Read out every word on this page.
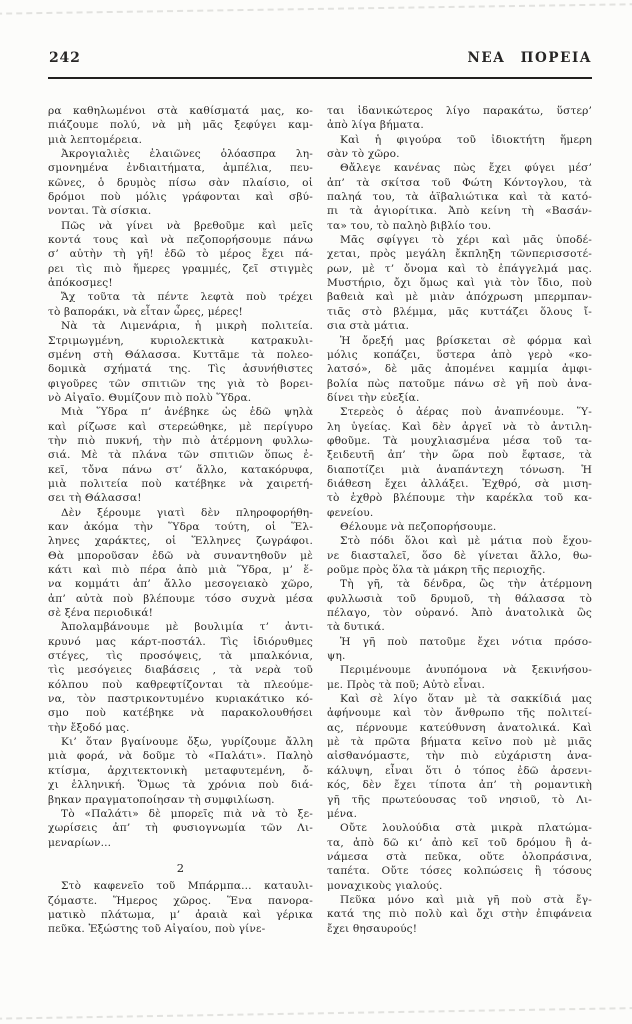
242	ΝΕΑ ΠΟΡΕΙΑ
ρα καθηλωμένοι στὰ καθίσματά μας, κο-
πιάζουμε πολύ, νὰ μὴ μᾶς ξεφύγει καμ-
μιὰ λεπτομέρεια.
Ἀκρογιαλιὲς ἐλαιῶνες ὁλόασπρα λη-
σμονημένα ἐνδιαιτήματα, ἀμπέλια, πευ-
κῶνες, ὁ δρυμὸς πίσω σὰν πλαίσιο, οἱ
δρόμοι ποὺ μόλις γράφονται καὶ σβύ-
νονται. Τὰ σίσκια.
Πῶς νὰ γίνει νὰ βρεθοῦμε καὶ μεῖς
κοντά τους καὶ νὰ πεζοπορήσουμε πάνω
σ’ αὐτὴν τὴ γῆ! ἐδῶ τὸ μέρος ἔχει πά-
ρει τὶς πιὸ ἥμερες γραμμές, ζεῖ στιγμὲς
ἀπόκοσμες!
Ἄχ τοῦτα τὰ πέντε λεφτὰ ποὺ τρέχει
τὸ βαποράκι, νὰ εἶταν ὧρες, μέρες!
Νὰ τὰ Λιμενάρια, ἡ μικρὴ πολιτεία.
Στριμωγμένη, κυριολεκτικὰ κατρακυλι-
σμένη στὴ Θάλασσα. Κυττᾶμε τὰ πολεο-
δομικὰ σχήματά της. Τὶς ἀσυνήθιστες
φιγοῦρες τῶν σπιτιῶν της γιὰ τὸ βορει-
νὸ Αἰγαῖο. Θυμίζουν πιὸ πολὺ Ὕδρα.
Μιὰ Ὕδρα π’ ἀνέβηκε ὡς ἐδῶ ψηλὰ
καὶ ρίζωσε καὶ στερεώθηκε, μὲ περίγυρο
τὴν πιὸ πυκνή, τὴν πιὸ ἀτέρμονη φυλλω-
σιά. Μὲ τὰ πλάνα τῶν σπιτιῶν ὅπως ἐ-
κεῖ, τὄνα πάνω στ’ ἄλλο, κατακόρυφα,
μιὰ πολιτεία ποὺ κατέβηκε νὰ χαιρετή-
σει τὴ Θάλασσα!
Δὲν ξέρουμε γιατὶ δὲν πληροφορήθη-
καν ἀκόμα τὴν Ὕδρα τούτη, οἱ Ἕλ-
ληνες χαράκτες, οἱ Ἕλληνες ζωγράφοι.
Θὰ μποροῦσαν ἐδῶ νὰ συναντηθοῦν μὲ
κάτι καὶ πιὸ πέρα ἀπὸ μιὰ Ὕδρα, μ’ ἕ-
να κομμάτι ἀπ’ ἄλλο μεσογειακὸ χῶρο,
ἀπ’ αὐτὰ ποὺ βλέπουμε τόσο συχνὰ μέσα
σὲ ξένα περιοδικά!
Ἀπολαμβάνουμε μὲ βουλιμία τ’ ἀντι-
κρυνό μας κάρτ-ποστάλ. Τὶς ἰδιόρυθμες
στέγες, τὶς προσόψεις, τὰ μπαλκόνια,
τὶς μεσόγειες διαβάσεις , τὰ νερὰ τοῦ
κόλπου ποὺ καθρεφτίζονται τὰ πλεούμε-
να, τὸν παστρικοντυμένο κυριακάτικο κό-
σμο ποὺ κατέβηκε νὰ παρακολουθήσει
τὴν ἔξοδό μας.
Κι’ ὅταν βγαίνουμε ὄξω, γυρίζουμε ἄλλη
μιὰ φορά, νὰ δοῦμε τὸ «Παλάτι». Παληὸ
κτίσμα, ἀρχιτεκτονικὴ μεταφυτεμένη, ὄ-
χι ἑλληνική. Ὅμως τὰ χρόνια ποὺ διά-
βηκαν πραγματοποίησαν τὴ συμφιλίωση.
Τὸ «Παλάτι» δὲ μπορεῖς πιὰ νὰ τὸ ξε-
χωρίσεις ἀπ’ τὴ φυσιογνωμία τῶν Λι-
μεναρίων...
2
Στὸ καφενεῖο τοῦ Μπάρμπα... καταυλι-
ζόμαστε. Ἥμερος χῶρος. Ἕνα πανορα-
ματικὸ πλάτωμα, μ’ ἀραιὰ καὶ γέρικα
πεῦκα. Ἐξώστης τοῦ Αἰγαίου, ποὺ γίνε-
ται ἰδανικώτερος λίγο παρακάτω, ὕστερ’
ἀπὸ λίγα βήματα.
Καὶ ἡ φιγούρα τοῦ ἰδιοκτήτη ἥμερη
σὰν τὸ χῶρο.
Θἄλεγε κανένας πὼς ἔχει φύγει μέσ’
ἀπ’ τὰ σκίτσα τοῦ Φώτη Κόντογλου, τὰ
παληά του, τὰ ἀϊβαλιώτικα καὶ τὰ κατό-
πι τὰ ἁγιορίτικα. Ἀπὸ κείνη τὴ «Βασάν-
τα» του, τὸ παληὸ βιβλίο του.
Μᾶς σφίγγει τὸ χέρι καὶ μᾶς ὑποδέ-
χεται, πρὸς μεγάλη ἔκπληξη τῶνπερισσοτέ-
ρων, μὲ τ’ ὄνομα καὶ τὸ ἐπάγγελμά μας.
Μυστήριο, ὄχι ὅμως καὶ γιὰ τὸν ἴδιο, ποὺ
βαθειὰ καὶ μὲ μιὰν ἀπόχρωση μπερμπαν-
τιᾶς στὸ βλέμμα, μᾶς κυττάζει ὅλους ἴ-
σια στὰ μάτια.
Ἡ ὄρεξή μας βρίσκεται σὲ φόρμα καὶ
μόλις κοπάζει, ὕστερα ἀπὸ γερὸ «κο-
λατσό», δὲ μᾶς ἀπομένει καμμία ἀμφι-
βολία πὼς πατοῦμε πάνω σὲ γῆ ποὺ ἀνα-
δίνει τὴν εὐεξία.
Στερεὸς ὁ ἀέρας ποὺ ἀναπνέουμε. Ὕ-
λη ὑγείας. Καὶ δὲν ἀργεῖ νὰ τὸ ἀντιλη-
φθοῦμε. Τὰ μουχλιασμένα μέσα τοῦ τα-
ξειδευτῆ ἀπ’ τὴν ὥρα ποὺ ἔφτασε, τὰ
διαποτίζει μιὰ ἀναπάντεχη τόνωση. Ἡ
διάθεση ἔχει ἀλλάξει. Ἐχθρό, σὰ μιση-
τὸ ἐχθρὸ βλέπουμε τὴν καρέκλα τοῦ κα-
φενείου.
Θέλουμε νὰ πεζοπορήσουμε.
Στὸ πόδι ὅλοι καὶ μὲ μάτια ποὺ ἔχου-
νε διασταλεῖ, ὅσο δὲ γίνεται ἄλλο, θω-
ροῦμε πρὸς ὅλα τὰ μάκρη τῆς περιοχῆς.
Τὴ γῆ, τὰ δένδρα, ὣς τὴν ἀτέρμονη
φυλλωσιὰ τοῦ δρυμοῦ, τὴ θάλασσα τὸ
πέλαγο, τὸν οὐρανό. Ἀπὸ ἀνατολικὰ ὣς
τὰ δυτικά.
Ἡ γῆ ποὺ πατοῦμε ἔχει νότια πρόσο-
ψη.
Περιμένουμε ἀνυπόμονα νὰ ξεκινήσου-
με. Πρὸς τὰ ποῦ; Αὐτὸ εἶναι.
Καὶ σὲ λίγο ὅταν μὲ τὰ σακκίδιά μας
ἀφήνουμε καὶ τὸν ἄνθρωπο τῆς πολιτεί-
ας, πέρνουμε κατεύθυνση ἀνατολικά. Καὶ
μὲ τὰ πρῶτα βήματα κεῖνο ποὺ μὲ μιᾶς
αἰσθανόμαστε, τὴν πιὸ εὐχάριστη ἀνα-
κάλυψη, εἶναι ὅτι ὁ τόπος ἐδῶ ἀρσενι-
κός, δὲν ἔχει τίποτα ἀπ’ τὴ ρομαντικὴ
γῆ τῆς πρωτεύουσας τοῦ νησιοῦ, τὸ Λι-
μένα.
Οὔτε λουλούδια στὰ μικρὰ πλατώμα-
τα, ἀπὸ δῶ κι’ ἀπὸ κεῖ τοῦ δρόμου ἢ ἀ-
νάμεσα στὰ πεῦκα, οὔτε ὁλοπράσινα,
ταπέτα. Οὔτε τόσες κολπώσεις ἢ τόσους
μοναχικοὺς γιαλούς.
Πεῦκα μόνο καὶ μιὰ γῆ ποὺ στὰ ἔγ-
κατά της πιὸ πολὺ καὶ ὄχι στὴν ἐπιφάνεια
ἔχει θησαυρούς!
